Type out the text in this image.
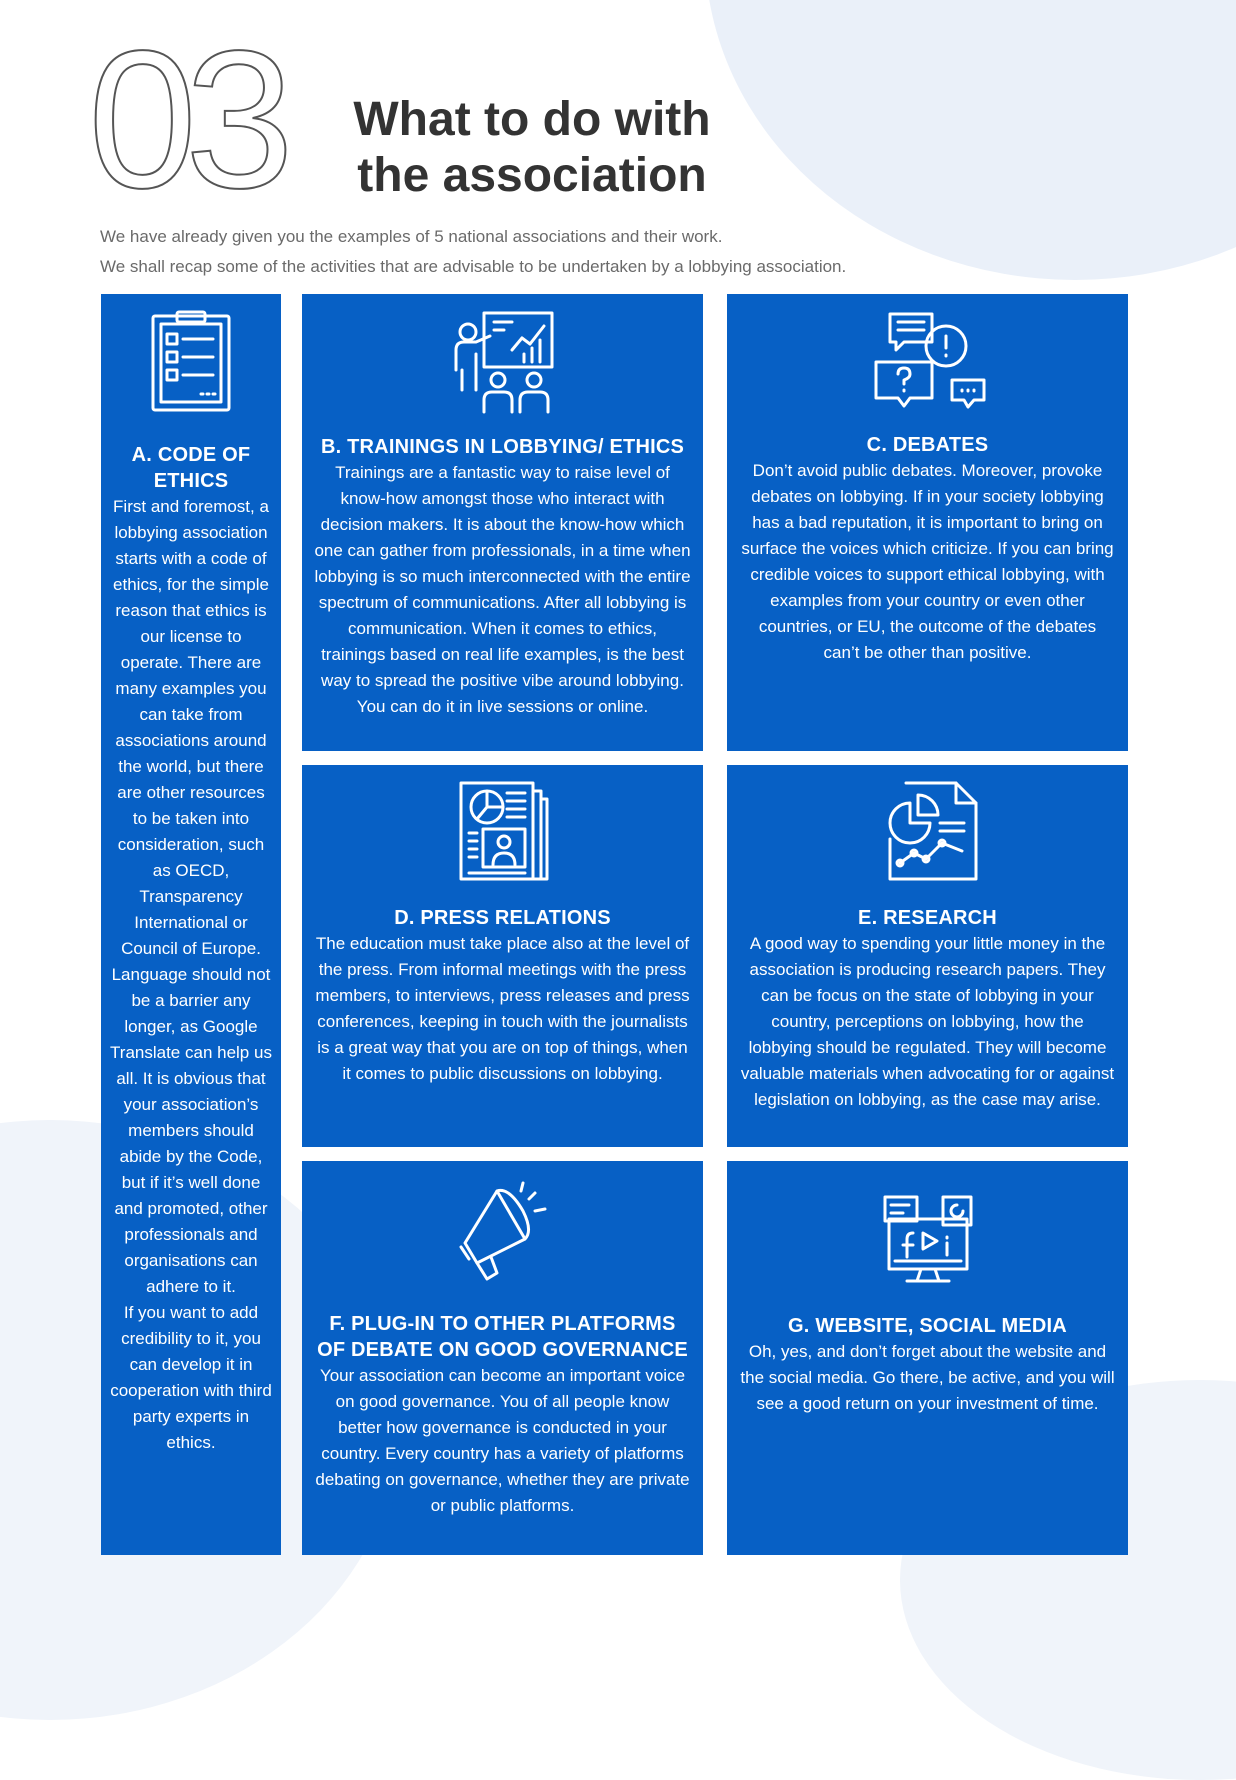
03	What to do with the association

We have already given you the examples of 5 national associations and their work.

We shall recap some of the activities that are advisable to be undertaken by a lobbying association.

A. CODE OF ETHICS

First and foremost, a lobbying association starts with a code of ethics, for the simple reason that ethics is our license to operate. There are many examples you can take from associations around the world, but there are other resources to be taken into consideration, such as OECD, Transparency International or Council of Europe. Language should not be a barrier any longer, as Google Translate can help us all. It is obvious that your association’s members should abide by the Code, but if it’s well done and promoted, other professionals and organisations can adhere to it.

If you want to add credibility to it, you can develop it in cooperation with third party experts in ethics.

B. TRAININGS IN LOBBYING/ ETHICS

Trainings are a fantastic way to raise level of know-how amongst those who interact with decision makers. It is about the know-how which one can gather from professionals, in a time when lobbying is so much interconnected with the entire spectrum of communications. After all lobbying is communication. When it comes to ethics, trainings based on real life examples, is the best way to spread the positive vibe around lobbying. You can do it in live sessions or online.

C. DEBATES

Don’t avoid public debates. Moreover, provoke debates on lobbying. If in your society lobbying has a bad reputation, it is important to bring on surface the voices which criticize. If you can bring credible voices to support ethical lobbying, with examples from your country or even other countries, or EU, the outcome of the debates can’t be other than positive.

D. PRESS RELATIONS

The education must take place also at the level of the press. From informal meetings with the press members, to interviews, press releases and press conferences, keeping in touch with the journalists is a great way that you are on top of things, when it comes to public discussions on lobbying.

E. RESEARCH

A good way to spending your little money in the association is producing research papers. They can be focus on the state of lobbying in your country, perceptions on lobbying, how the lobbying should be regulated. They will become valuable materials when advocating for or against legislation on lobbying, as the case may arise.

F. PLUG-IN TO OTHER PLATFORMS OF DEBATE ON GOOD GOVERNANCE

Your association can become an important voice on good governance. You of all people know better how governance is conducted in your country. Every country has a variety of platforms debating on governance, whether they are private or public platforms.

G. WEBSITE, SOCIAL MEDIA

Oh, yes, and don’t forget about the website and the social media. Go there, be active, and you will see a good return on your investment of time.
